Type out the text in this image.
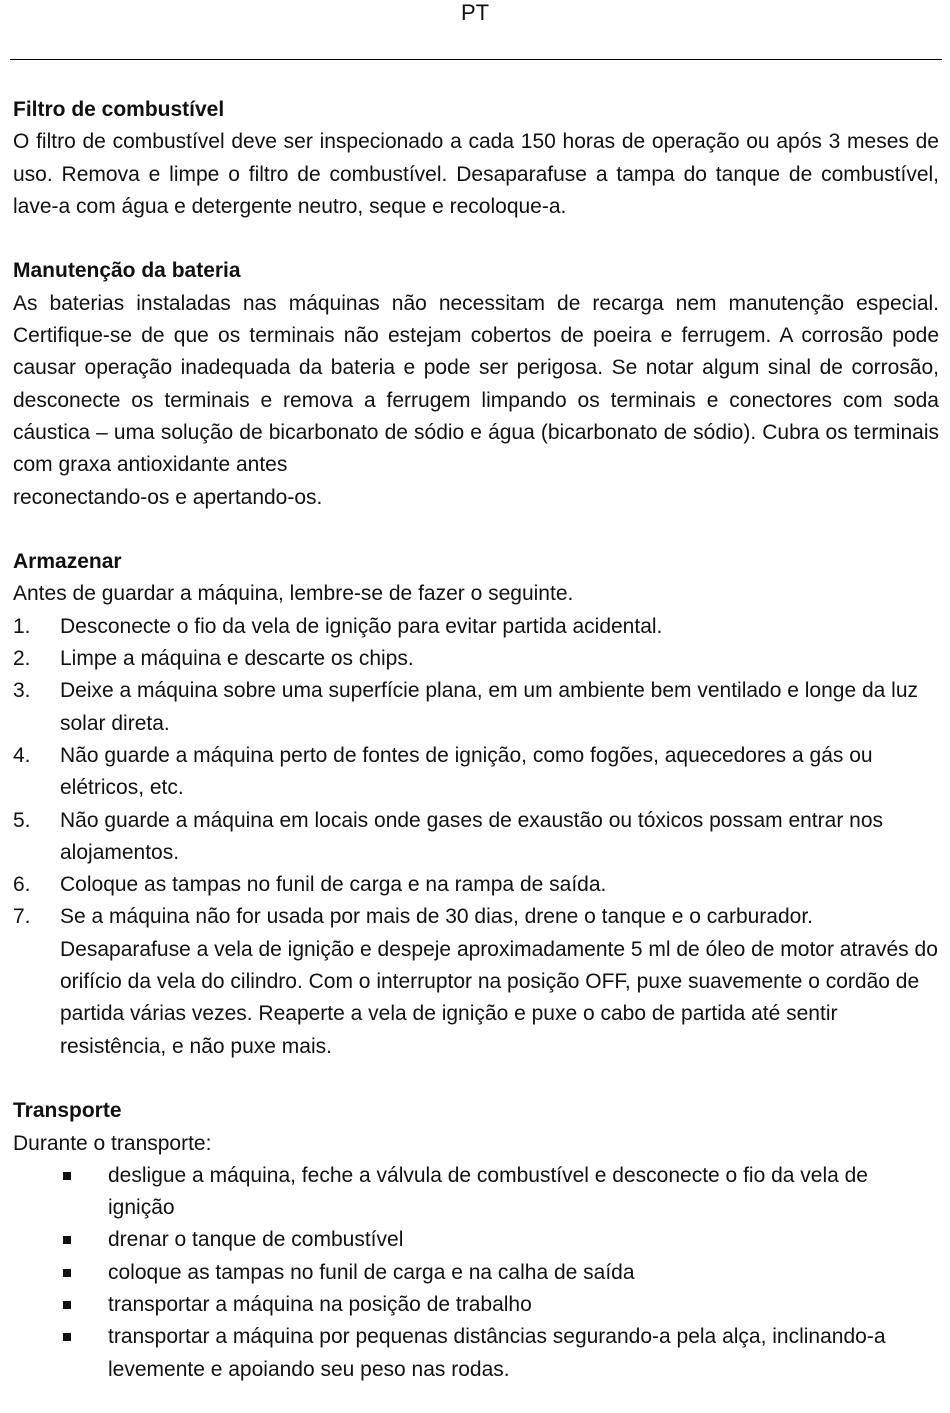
PT
Filtro de combustível
O filtro de combustível deve ser inspecionado a cada 150 horas de operação ou após 3 meses de uso. Remova e limpe o filtro de combustível. Desaparafuse a tampa do tanque de combustível, lave-a com água e detergente neutro, seque e recoloque-a.
Manutenção da bateria
As baterias instaladas nas máquinas não necessitam de recarga nem manutenção especial. Certifique-se de que os terminais não estejam cobertos de poeira e ferrugem. A corrosão pode causar operação inadequada da bateria e pode ser perigosa. Se notar algum sinal de corrosão, desconecte os terminais e remova a ferrugem limpando os terminais e conectores com soda cáustica – uma solução de bicarbonato de sódio e água (bicarbonato de sódio). Cubra os terminais com graxa antioxidante antes
reconectando-os e apertando-os.
Armazenar
Antes de guardar a máquina, lembre-se de fazer o seguinte.
1. Desconecte o fio da vela de ignição para evitar partida acidental.
2. Limpe a máquina e descarte os chips.
3. Deixe a máquina sobre uma superfície plana, em um ambiente bem ventilado e longe da luz solar direta.
4. Não guarde a máquina perto de fontes de ignição, como fogões, aquecedores a gás ou elétricos, etc.
5. Não guarde a máquina em locais onde gases de exaustão ou tóxicos possam entrar nos alojamentos.
6. Coloque as tampas no funil de carga e na rampa de saída.
7. Se a máquina não for usada por mais de 30 dias, drene o tanque e o carburador. Desaparafuse a vela de ignição e despeje aproximadamente 5 ml de óleo de motor através do orifício da vela do cilindro. Com o interruptor na posição OFF, puxe suavemente o cordão de partida várias vezes. Reaperte a vela de ignição e puxe o cabo de partida até sentir resistência, e não puxe mais.
Transporte
Durante o transporte:
desligue a máquina, feche a válvula de combustível e desconecte o fio da vela de ignição
drenar o tanque de combustível
coloque as tampas no funil de carga e na calha de saída
transportar a máquina na posição de trabalho
transportar a máquina por pequenas distâncias segurando-a pela alça, inclinando-a levemente e apoiando seu peso nas rodas.
